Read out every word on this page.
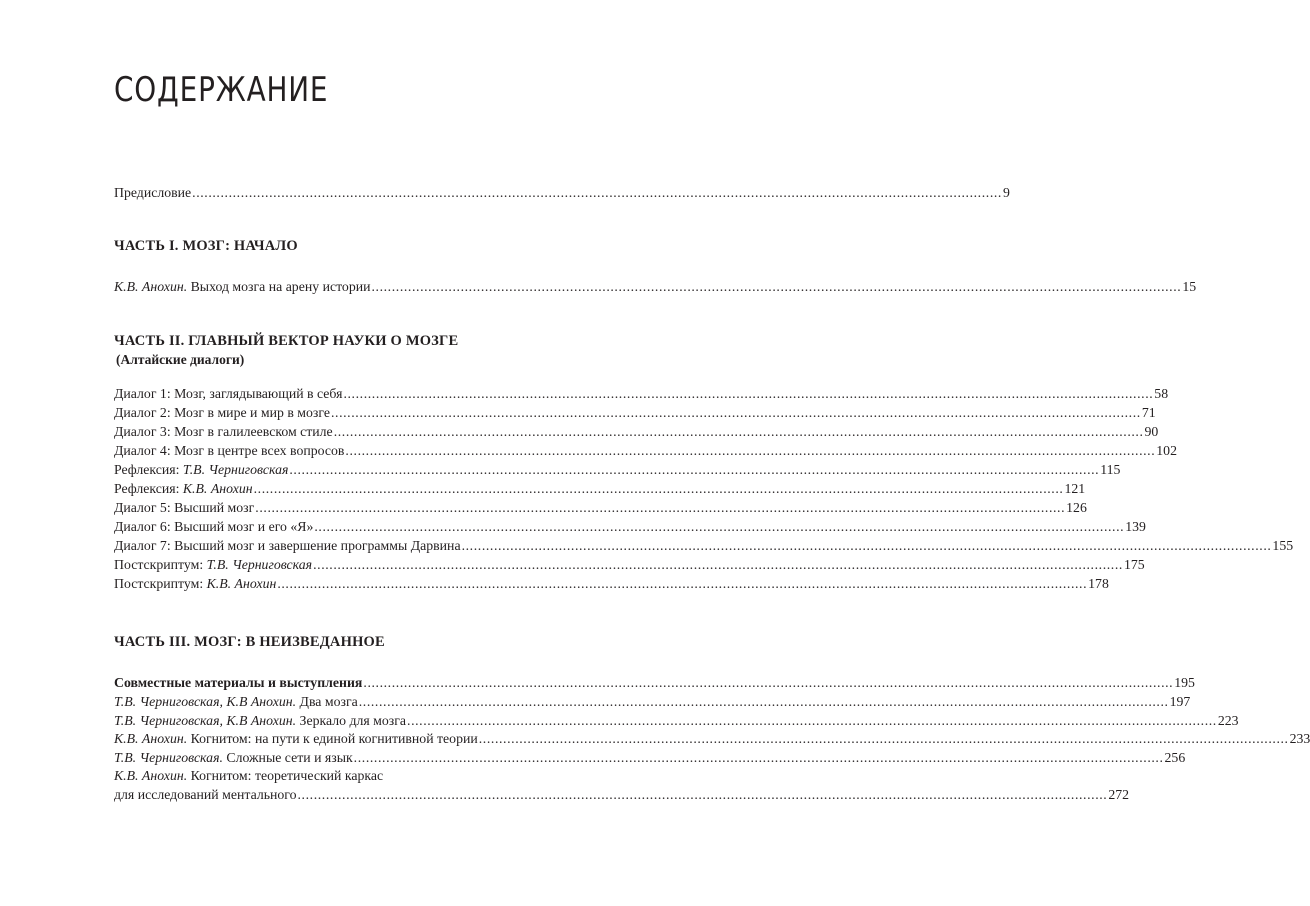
СОДЕРЖАНИЕ
Предисловие ........................................................................................................................................................................................................ 9
ЧАСТЬ I. МОЗГ: НАЧАЛО
К.В. Анохин. Выход мозга на арену истории ........................................................................................................................................................................................................ 15
ЧАСТЬ II. ГЛАВНЫЙ ВЕКТОР НАУКИ О МОЗГЕ
(Алтайские диалоги)
Диалог 1: Мозг, заглядывающий в себя ........................................................................................................................................................................................................ 58
Диалог 2: Мозг в мире и мир в мозге ........................................................................................................................................................................................................ 71
Диалог 3: Мозг в галилеевском стиле ........................................................................................................................................................................................................ 90
Диалог 4: Мозг в центре всех вопросов ........................................................................................................................................................................................................ 102
Рефлексия: Т.В. Черниговская ........................................................................................................................................................................................................ 115
Рефлексия: К.В. Анохин ........................................................................................................................................................................................................ 121
Диалог 5: Высший мозг ........................................................................................................................................................................................................ 126
Диалог 6: Высший мозг и его «Я» ........................................................................................................................................................................................................ 139
Диалог 7: Высший мозг и завершение программы Дарвина ........................................................................................................................................................................................................ 155
Постскриптум: Т.В. Черниговская ........................................................................................................................................................................................................ 175
Постскриптум: К.В. Анохин ........................................................................................................................................................................................................ 178
ЧАСТЬ III. МОЗГ: В НЕИЗВЕДАННОЕ
Совместные материалы и выступления ........................................................................................................................................................................................................ 195
Т.В. Черниговская, К.В Анохин. Два мозга ........................................................................................................................................................................................................ 197
Т.В. Черниговская, К.В Анохин. Зеркало для мозга ........................................................................................................................................................................................................ 223
К.В. Анохин. Когнитом: на пути к единой когнитивной теории ........................................................................................................................................................................................................ 233
Т.В. Черниговская. Сложные сети и язык ........................................................................................................................................................................................................ 256
К.В. Анохин. Когнитом: теоретический каркас
для исследований ментального ........................................................................................................................................................................................................ 272
